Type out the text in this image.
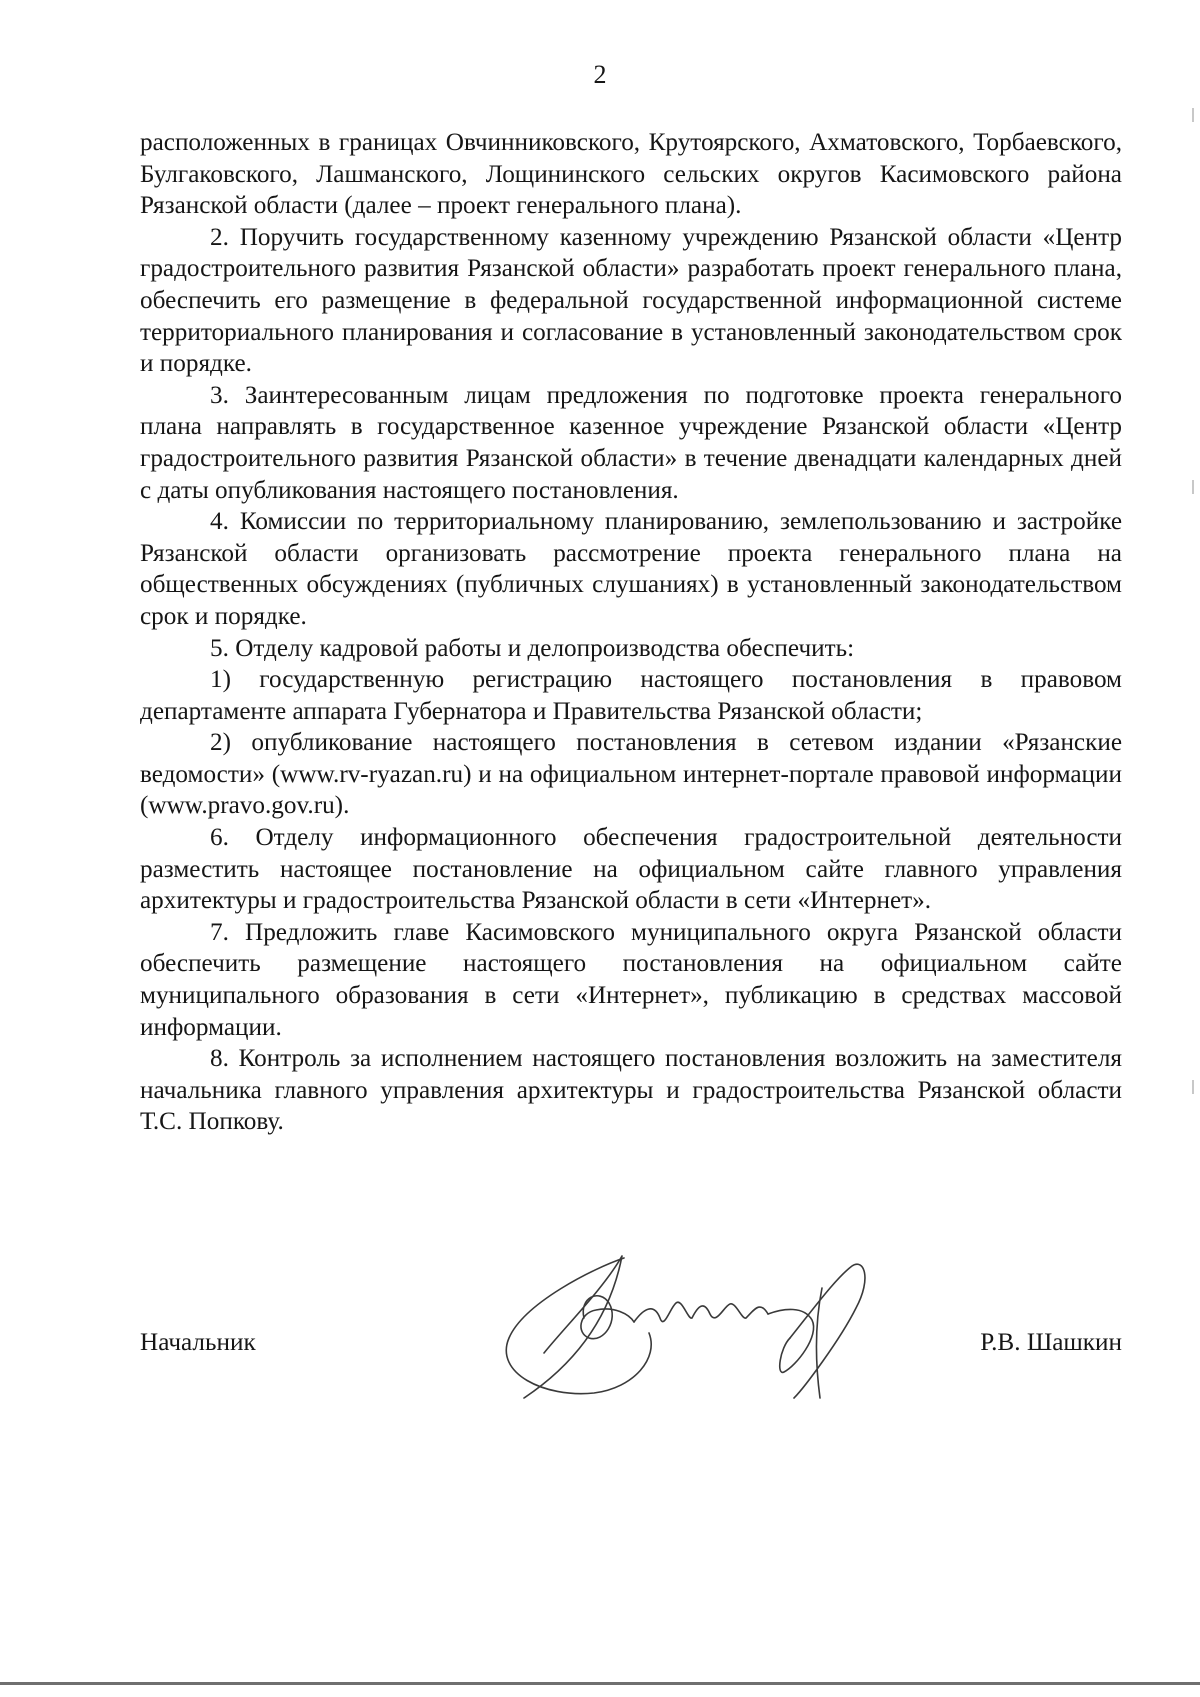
2

расположенных в границах Овчинниковского, Крутоярского, Ахматовского, Торбаевского, Булгаковского, Лашманского, Лощининского сельских округов Касимовского района Рязанской области (далее – проект генерального плана).

2. Поручить государственному казенному учреждению Рязанской области «Центр градостроительного развития Рязанской области» разработать проект генерального плана, обеспечить его размещение в федеральной государственной информационной системе территориального планирования и согласование в установленный законодательством срок и порядке.

3. Заинтересованным лицам предложения по подготовке проекта генерального плана направлять в государственное казенное учреждение Рязанской области «Центр градостроительного развития Рязанской области» в течение двенадцати календарных дней с даты опубликования настоящего постановления.

4. Комиссии по территориальному планированию, землепользованию и застройке Рязанской области организовать рассмотрение проекта генерального плана на общественных обсуждениях (публичных слушаниях) в установленный законодательством срок и порядке.

5. Отделу кадровой работы и делопроизводства обеспечить:

1) государственную регистрацию настоящего постановления в правовом департаменте аппарата Губернатора и Правительства Рязанской области;

2) опубликование настоящего постановления в сетевом издании «Рязанские ведомости» (www.rv-ryazan.ru) и на официальном интернет-портале правовой информации (www.pravo.gov.ru).

6. Отделу информационного обеспечения градостроительной деятельности разместить настоящее постановление на официальном сайте главного управления архитектуры и градостроительства Рязанской области в сети «Интернет».

7. Предложить главе Касимовского муниципального округа Рязанской области обеспечить размещение настоящего постановления на официальном сайте муниципального образования в сети «Интернет», публикацию в средствах массовой информации.

8. Контроль за исполнением настоящего постановления возложить на заместителя начальника главного управления архитектуры и градостроительства Рязанской области Т.С. Попкову.

Начальник	Р.В. Шашкин
